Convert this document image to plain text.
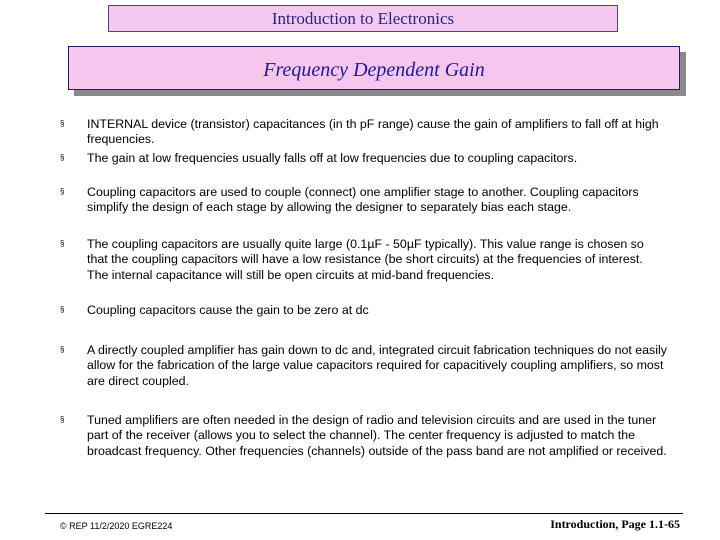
Introduction to Electronics
Frequency Dependent Gain
§ INTERNAL device (transistor) capacitances (in th pF range) cause the gain of amplifiers to fall off at high frequencies.
§ The gain at low frequencies usually falls off at low frequencies due to coupling capacitors.
§ Coupling capacitors are used to couple (connect) one amplifier stage to another. Coupling capacitors simplify the design of each stage by allowing the designer to separately bias each stage.
§ The coupling capacitors are usually quite large (0.1µF - 50µF typically). This value range is chosen so that the coupling capacitors will have a low resistance (be short circuits) at the frequencies of interest. The internal capacitance will still be open circuits at mid-band frequencies.
§ Coupling capacitors cause the gain to be zero at dc
§ A directly coupled amplifier has gain down to dc and, integrated circuit fabrication techniques do not easily allow for the fabrication of the large value capacitors required for capacitively coupling amplifiers, so most are direct coupled.
§ Tuned amplifiers are often needed in the design of radio and television circuits and are used in the tuner part of the receiver (allows you to select the channel). The center frequency is adjusted to match the broadcast frequency. Other frequencies (channels) outside of the pass band are not amplified or received.
© REP 11/2/2020 EGRE224	Introduction, Page 1.1-65
